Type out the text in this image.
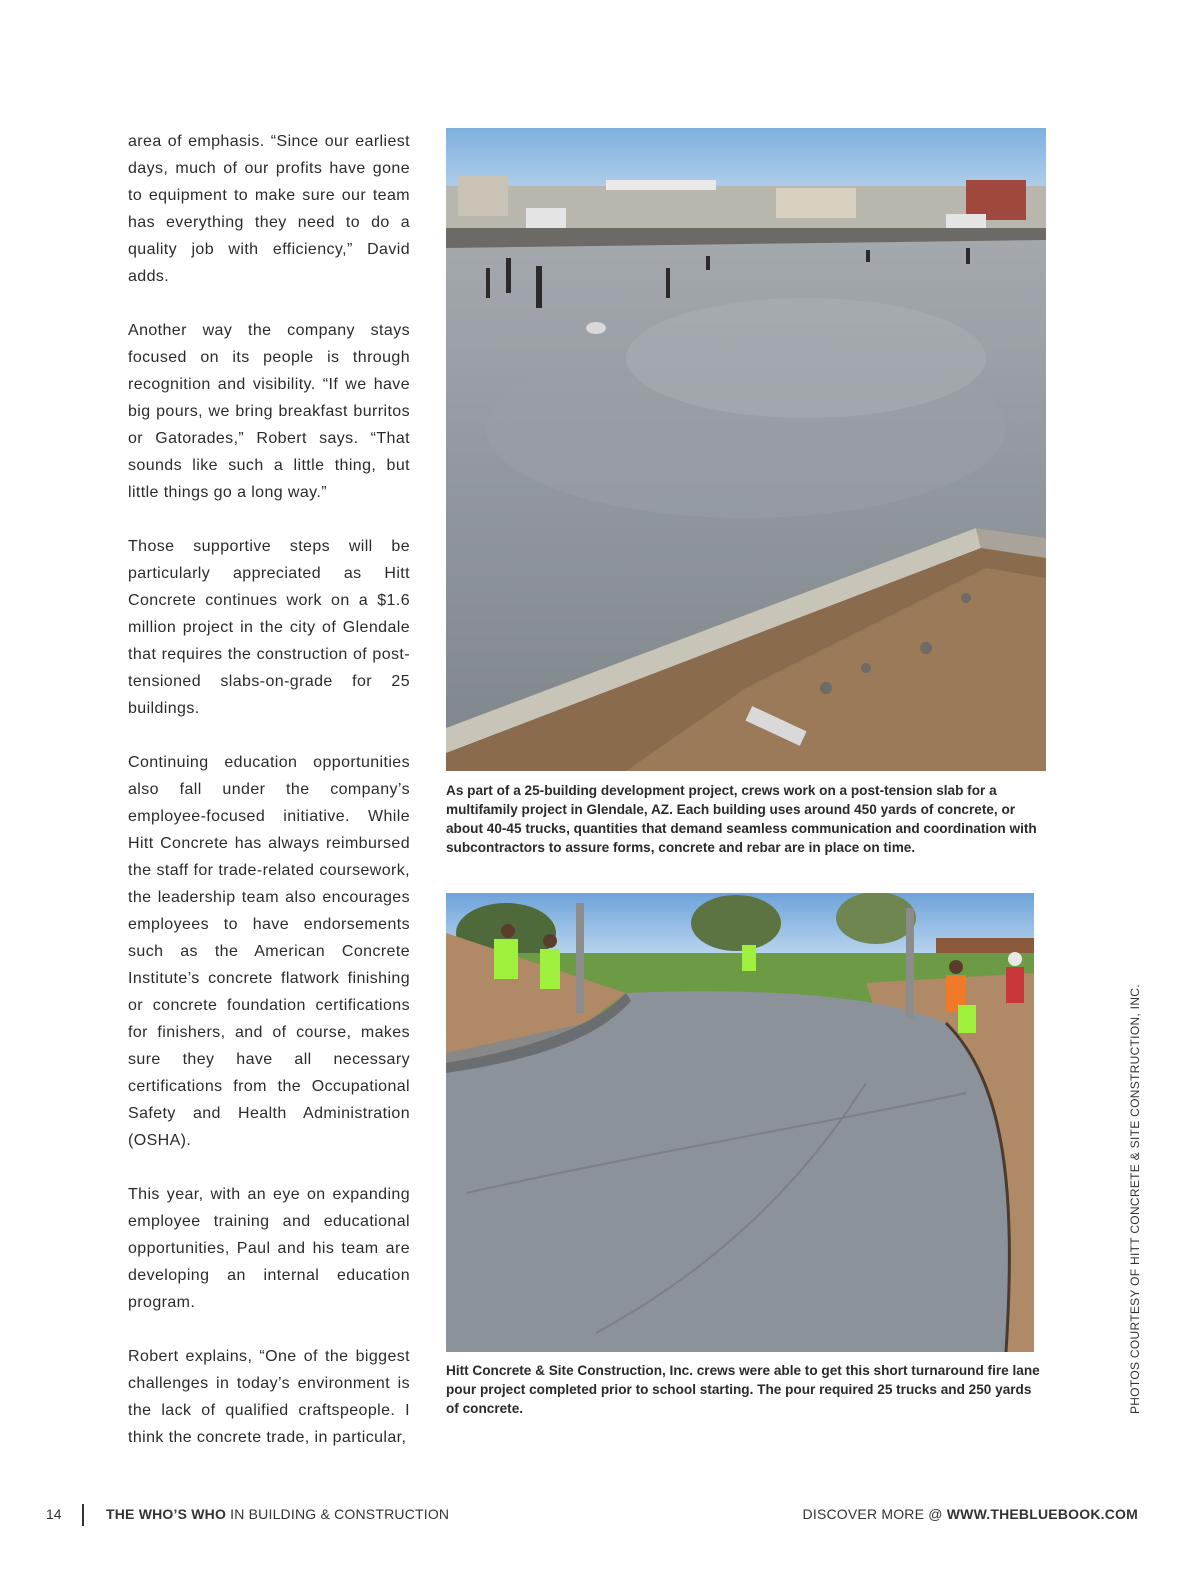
area of emphasis. “Since our earliest days, much of our profits have gone to equipment to make sure our team has everything they need to do a quality job with efficiency,” David adds.

Another way the company stays focused on its people is through recognition and visibility. “If we have big pours, we bring breakfast burritos or Gatorades,” Robert says. “That sounds like such a little thing, but little things go a long way.”

Those supportive steps will be particularly appreciated as Hitt Concrete continues work on a $1.6 million project in the city of Glendale that requires the construction of post-tensioned slabs-on-grade for 25 buildings.

Continuing education opportunities also fall under the company’s employee-focused initiative. While Hitt Concrete has always reimbursed the staff for trade-related coursework, the leadership team also encourages employees to have endorsements such as the American Concrete Institute’s concrete flatwork finishing or concrete foundation certifications for finishers, and of course, makes sure they have all necessary certifications from the Occupational Safety and Health Administration (OSHA).

This year, with an eye on expanding employee training and educational opportunities, Paul and his team are developing an internal education program.

Robert explains, “One of the biggest challenges in today’s environment is the lack of qualified craftspeople. I think the concrete trade, in particular,

As part of a 25-building development project, crews work on a post-tension slab for a multifamily project in Glendale, AZ. Each building uses around 450 yards of concrete, or about 40-45 trucks, quantities that demand seamless communication and coordination with subcontractors to assure forms, concrete and rebar are in place on time.

Hitt Concrete & Site Construction, Inc. crews were able to get this short turnaround fire lane pour project completed prior to school starting. The pour required 25 trucks and 250 yards of concrete.	PHOTOS COURTESY OF HITT CONCRETE & SITE CONSTRUCTION, INC.
14	THE WHO’S WHO IN BUILDING & CONSTRUCTION	DISCOVER MORE @ WWW.THEBLUEBOOK.COM
